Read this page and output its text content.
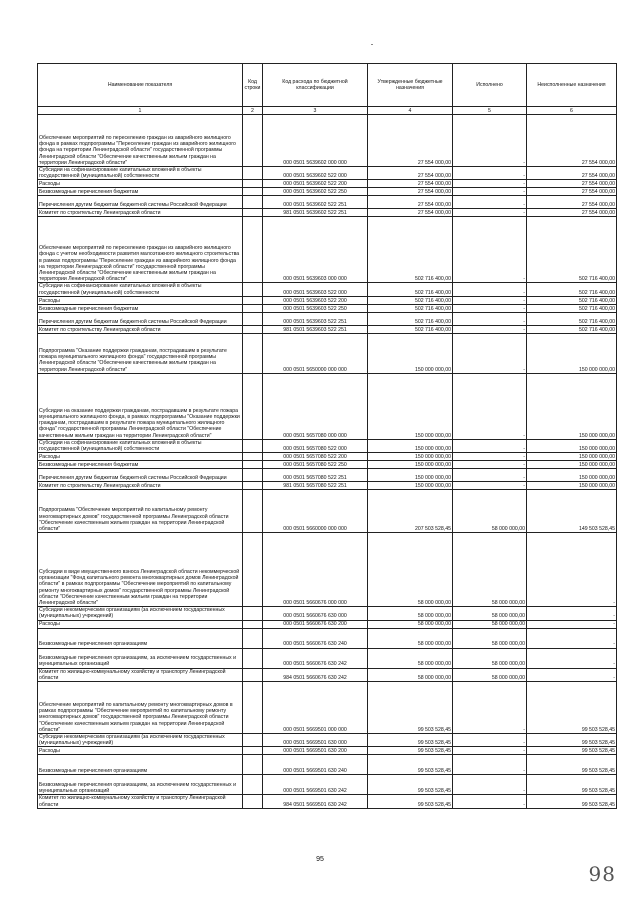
Наименование показателя	Код строки	Код расхода по бюджетной классификации	Утвержденные бюджетные назначения	Исполнено	Неисполненные назначения
1	2	3	4	5	6
Обеспечение мероприятий по переселению граждан из аварийного жилищного фонда в рамках подпрограммы "Переселение граждан из аварийного жилищного фонда на территории Ленинградской области" государственной программы Ленинградской области "Обеспечение качественным жильем граждан на территории Ленинградской области"		000 0501 5639602 000 000	27 554 000,00	-	27 554 000,00
Субсидии на софинансирование капитальных вложений в объекты государственной (муниципальной) собственности		000 0501 5639602 522 000	27 554 000,00	-	27 554 000,00
Расходы		000 0501 5639602 522 200	27 554 000,00	-	27 554 000,00
Безвозмездные перечисления бюджетам		000 0501 5639602 522 250	27 554 000,00	-	27 554 000,00
Перечисления другим бюджетам бюджетной системы Российской Федерации		000 0501 5639602 522 251	27 554 000,00	-	27 554 000,00
Комитет по строительству Ленинградской области		981 0501 5639602 522 251	27 554 000,00	-	27 554 000,00
Обеспечение мероприятий по переселению граждан из аварийного жилищного фонда с учетом необходимости развития малоэтажного жилищного строительства в рамках подпрограммы "Переселение граждан из аварийного жилищного фонда на территории Ленинградской области" государственной программы Ленинградской области "Обеспечение качественным жильем граждан на территории Ленинградской области"		000 0501 5639603 000 000	502 716 400,00	-	502 716 400,00
Субсидии на софинансирование капитальных вложений в объекты государственной (муниципальной) собственности		000 0501 5639603 522 000	502 716 400,00	-	502 716 400,00
Расходы		000 0501 5639603 522 200	502 716 400,00	-	502 716 400,00
Безвозмездные перечисления бюджетам		000 0501 5639603 522 250	502 716 400,00	-	502 716 400,00
Перечисления другим бюджетам бюджетной системы Российской Федерации		000 0501 5639603 522 251	502 716 400,00	-	502 716 400,00
Комитет по строительству Ленинградской области		981 0501 5639603 522 251	502 716 400,00	-	502 716 400,00
Подпрограмма "Оказание поддержки гражданам, пострадавшим в результате пожара муниципального жилищного фонда" государственной программы Ленинградской области "Обеспечение качественным жильем граждан на территории Ленинградской области"		000 0501 5650000 000 000	150 000 000,00	-	150 000 000,00
Субсидии на оказание поддержки гражданам, пострадавшим в результате пожара муниципального жилищного фонда, в рамках подпрограммы "Оказание поддержки гражданам, пострадавшим в результате пожара муниципального жилищного фонда" государственной программы Ленинградской области "Обеспечение качественным жильем граждан на территории Ленинградской области"		000 0501 5657080 000 000	150 000 000,00	-	150 000 000,00
Субсидии на софинансирование капитальных вложений в объекты государственной (муниципальной) собственности		000 0501 5657080 522 000	150 000 000,00	-	150 000 000,00
Расходы		000 0501 5657080 522 200	150 000 000,00	-	150 000 000,00
Безвозмездные перечисления бюджетам		000 0501 5657080 522 250	150 000 000,00	-	150 000 000,00
Перечисления другим бюджетам бюджетной системы Российской Федерации		000 0501 5657080 522 251	150 000 000,00	-	150 000 000,00
Комитет по строительству Ленинградской области		981 0501 5657080 522 251	150 000 000,00	-	150 000 000,00
Подпрограмма "Обеспечение мероприятий по капитальному ремонту многоквартирных домов" государственной программы Ленинградской области "Обеспечение качественным жильем граждан на территории Ленинградской области"		000 0501 5660000 000 000	207 503 528,45	58 000 000,00	149 503 528,45
Субсидии в виде имущественного взноса Ленинградской области некоммерческой организации "Фонд капитального ремонта многоквартирных домов Ленинградской области" в рамках подпрограммы "Обеспечение мероприятий по капитальному ремонту многоквартирных домов" государственной программы Ленинградской области "Обеспечение качественным жильем граждан на территории Ленинградской области"		000 0501 5660676 000 000	58 000 000,00	58 000 000,00	-
Субсидии некоммерческим организациям (за исключением государственных (муниципальных) учреждений)		000 0501 5660676 630 000	58 000 000,00	58 000 000,00	-
Расходы		000 0501 5660676 630 200	58 000 000,00	58 000 000,00	-
Безвозмездные перечисления организациям		000 0501 5660676 630 240	58 000 000,00	58 000 000,00	-
Безвозмездные перечисления организациям, за исключением государственных и муниципальных организаций		000 0501 5660676 630 242	58 000 000,00	58 000 000,00	-
Комитет по жилищно-коммунальному хозяйству и транспорту Ленинградской области		984 0501 5660676 630 242	58 000 000,00	58 000 000,00	-
Обеспечение мероприятий по капитальному ремонту многоквартирных домов в рамках подпрограммы "Обеспечение мероприятий по капитальному ремонту многоквартирных домов" государственной программы Ленинградской области "Обеспечение качественным жильем граждан на территории Ленинградской области"		000 0501 5669501 000 000	99 503 528,45	-	99 503 528,45
Субсидии некоммерческим организациям (за исключением государственных (муниципальных) учреждений)		000 0501 5669501 630 000	99 503 528,45	-	99 503 528,45
Расходы		000 0501 5669501 630 200	99 503 528,45	-	99 503 528,45
Безвозмездные перечисления организациям		000 0501 5669501 630 240	99 503 528,45	-	99 503 528,45
Безвозмездные перечисления организациям, за исключением государственных и муниципальных организаций		000 0501 5669501 630 242	99 503 528,45	-	99 503 528,45
Комитет по жилищно-коммунальному хозяйству и транспорту Ленинградской области		984 0501 5669501 630 242	99 503 528,45	-	99 503 528,45
95
98
